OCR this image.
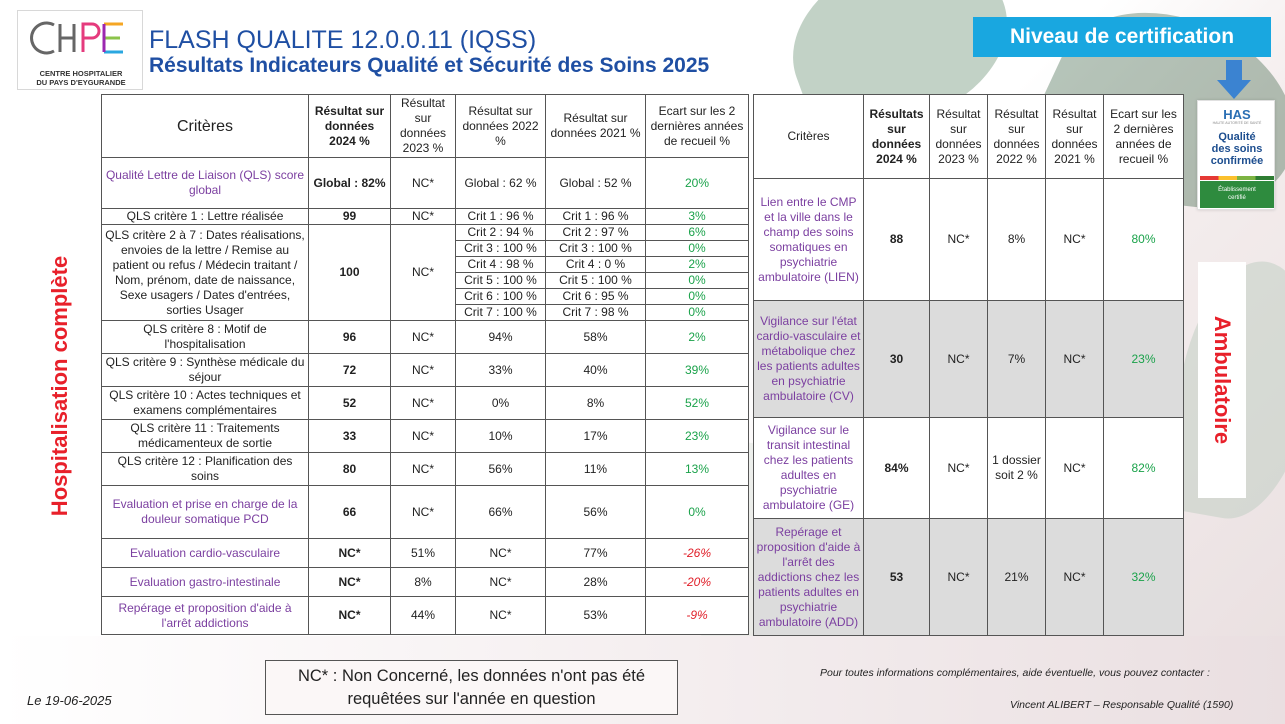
CENTRE HOSPITALIER
DU PAYS D'EYGURANDE
FLASH QUALITE 12.0.0.11 (IQSS)
Résultats Indicateurs Qualité et Sécurité des Soins 2025
Niveau de certification
HAS
HAUTE AUTORITÉ DE SANTÉ
Qualité
des soins
confirmée
Établissement
certifié
Hospitalisation complète	Ambulatoire
Critères	Résultat sur données 2024 %	Résultat sur données 2023 %	Résultat sur données 2022 %	Résultat sur données 2021 %	Ecart sur les 2 dernières années de recueil %
Qualité Lettre de Liaison (QLS) score global	Global : 82%	NC*	Global : 62 %	Global : 52 %	20%
QLS critère 1 : Lettre réalisée	99	NC*	Crit 1 : 96 %	Crit 1 : 96 %	3%
QLS critère 2 à 7 : Dates réalisations, envoies de la lettre / Remise au patient ou refus / Médecin traitant / Nom, prénom, date de naissance, Sexe usagers / Dates d'entrées, sorties Usager	100	NC*	Crit 2 : 94 %	Crit 2 : 97 %	6%
			Crit 3 : 100 %	Crit 3 : 100 %	0%
			Crit 4 : 98 %	Crit 4 : 0 %	2%
			Crit 5 : 100 %	Crit 5 : 100 %	0%
			Crit 6 : 100 %	Crit 6 : 95 %	0%
			Crit 7 : 100 %	Crit 7 : 98 %	0%
QLS critère 8 : Motif de l'hospitalisation	96	NC*	94%	58%	2%
QLS critère 9 : Synthèse médicale du séjour	72	NC*	33%	40%	39%
QLS critère 10 : Actes techniques et examens complémentaires	52	NC*	0%	8%	52%
QLS critère 11 : Traitements médicamenteux de sortie	33	NC*	10%	17%	23%
QLS critère 12 : Planification des soins	80	NC*	56%	11%	13%
Evaluation et prise en charge de la douleur somatique PCD	66	NC*	66%	56%	0%
Evaluation cardio-vasculaire	NC*	51%	NC*	77%	-26%
Evaluation gastro-intestinale	NC*	8%	NC*	28%	-20%
Repérage et proposition d'aide à l'arrêt addictions	NC*	44%	NC*	53%	-9%
Critères	Résultats sur données 2024 %	Résultat sur données 2023 %	Résultat sur données 2022 %	Résultat sur données 2021 %	Ecart sur les 2 dernières années de recueil %
Lien entre le CMP et la ville dans le champ des soins somatiques en psychiatrie ambulatoire (LIEN)	88	NC*	8%	NC*	80%
Vigilance sur l'état cardio-vasculaire et métabolique chez les patients adultes en psychiatrie ambulatoire (CV)	30	NC*	7%	NC*	23%
Vigilance sur le transit intestinal chez les patients adultes en psychiatrie ambulatoire (GE)	84%	NC*	1 dossier soit 2 %	NC*	82%
Repérage et proposition d'aide à l'arrêt des addictions chez les patients adultes en psychiatrie ambulatoire (ADD)	53	NC*	21%	NC*	32%
NC* : Non Concerné, les données n'ont pas été
requêtées sur l'année en question
Le 19-06-2025
Pour toutes informations complémentaires, aide éventuelle, vous pouvez contacter :
Vincent ALIBERT – Responsable Qualité (1590)
